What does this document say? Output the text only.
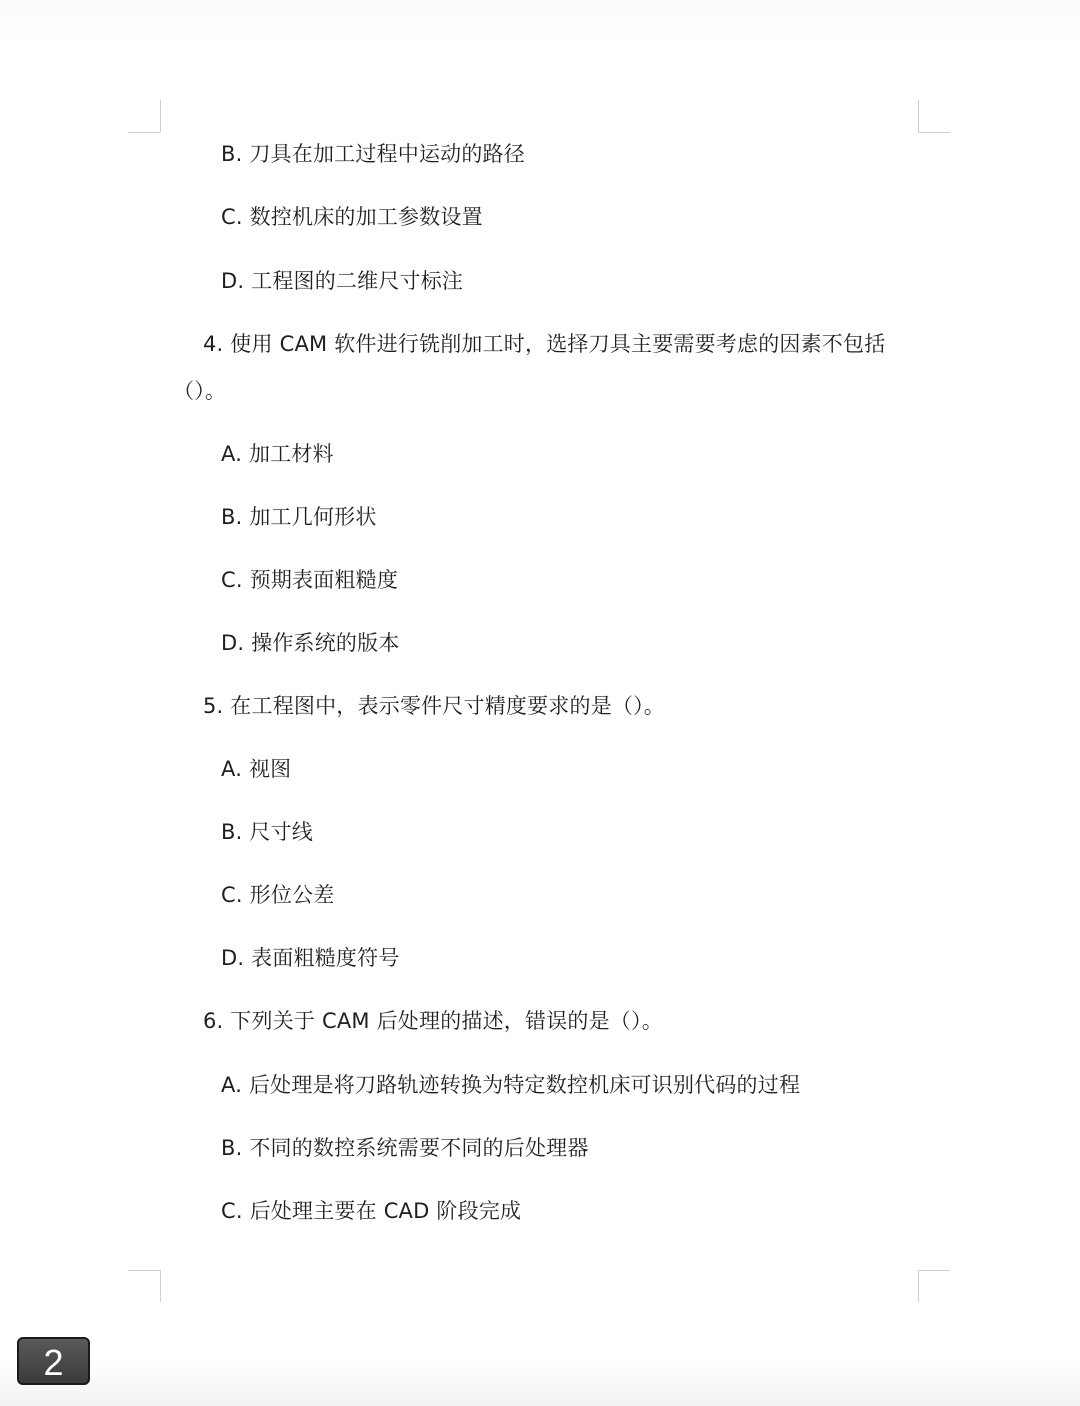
B. 刀具在加工过程中运动的路径
C. 数控机床的加工参数设置
D. 工程图的二维尺寸标注
4. 使用 CAM 软件进行铣削加工时，选择刀具主要需要考虑的因素不包括
（）。
A. 加工材料
B. 加工几何形状
C. 预期表面粗糙度
D. 操作系统的版本
5. 在工程图中，表示零件尺寸精度要求的是（）。
A. 视图
B. 尺寸线
C. 形位公差
D. 表面粗糙度符号
6. 下列关于 CAM 后处理的描述，错误的是（）。
A. 后处理是将刀路轨迹转换为特定数控机床可识别代码的过程
B. 不同的数控系统需要不同的后处理器
C. 后处理主要在 CAD 阶段完成
2
